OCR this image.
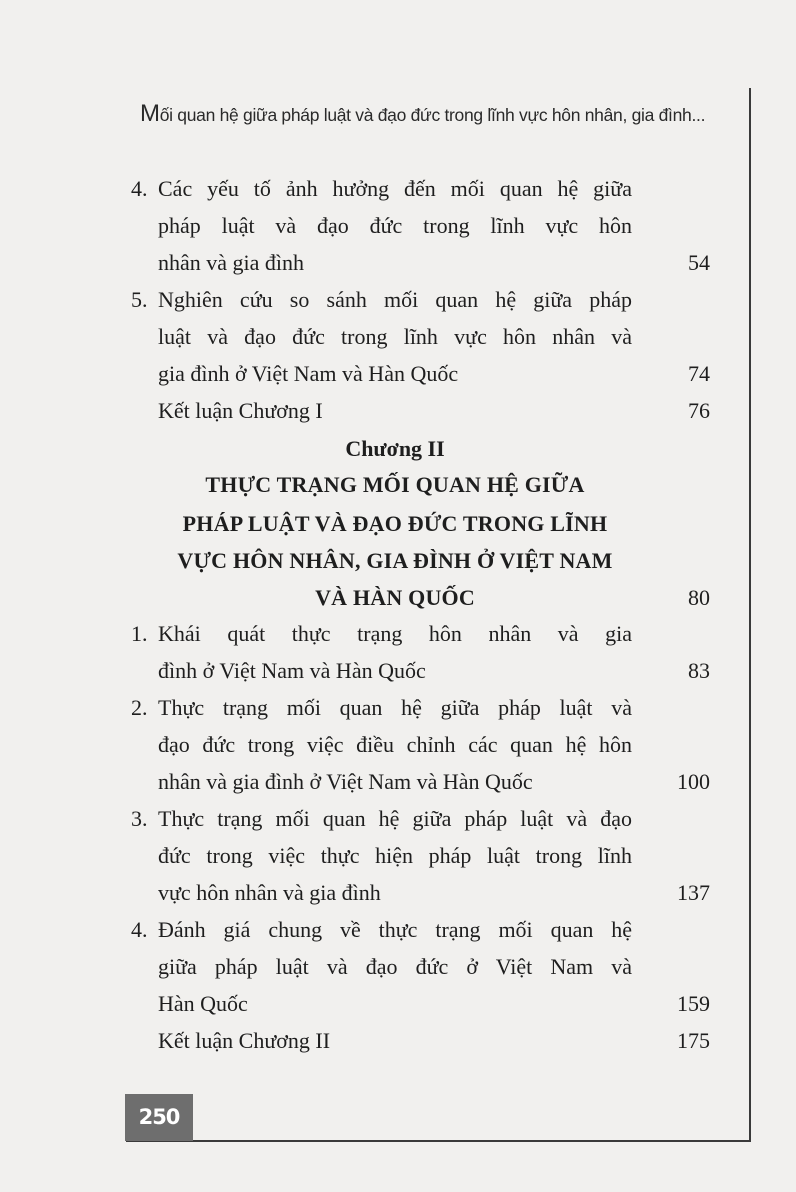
Mối quan hệ giữa pháp luật và đạo đức trong lĩnh vực hôn nhân, gia đình...
4. Các yếu tố ảnh hưởng đến mối quan hệ giữa
pháp luật và đạo đức trong lĩnh vực hôn
nhân và gia đình	54
5. Nghiên cứu so sánh mối quan hệ giữa pháp
luật và đạo đức trong lĩnh vực hôn nhân và
gia đình ở Việt Nam và Hàn Quốc	74
Kết luận Chương I	76
Chương II
THỰC TRẠNG MỐI QUAN HỆ GIỮA
PHÁP LUẬT VÀ ĐẠO ĐỨC TRONG LĨNH
VỰC HÔN NHÂN, GIA ĐÌNH Ở VIỆT NAM
VÀ HÀN QUỐC	80
1. Khái quát thực trạng hôn nhân và gia
đình ở Việt Nam và Hàn Quốc	83
2. Thực trạng mối quan hệ giữa pháp luật và
đạo đức trong việc điều chỉnh các quan hệ hôn
nhân và gia đình ở Việt Nam và Hàn Quốc	100
3. Thực trạng mối quan hệ giữa pháp luật và đạo
đức trong việc thực hiện pháp luật trong lĩnh
vực hôn nhân và gia đình	137
4. Đánh giá chung về thực trạng mối quan hệ
giữa pháp luật và đạo đức ở Việt Nam và
Hàn Quốc	159
Kết luận Chương II	175
250
